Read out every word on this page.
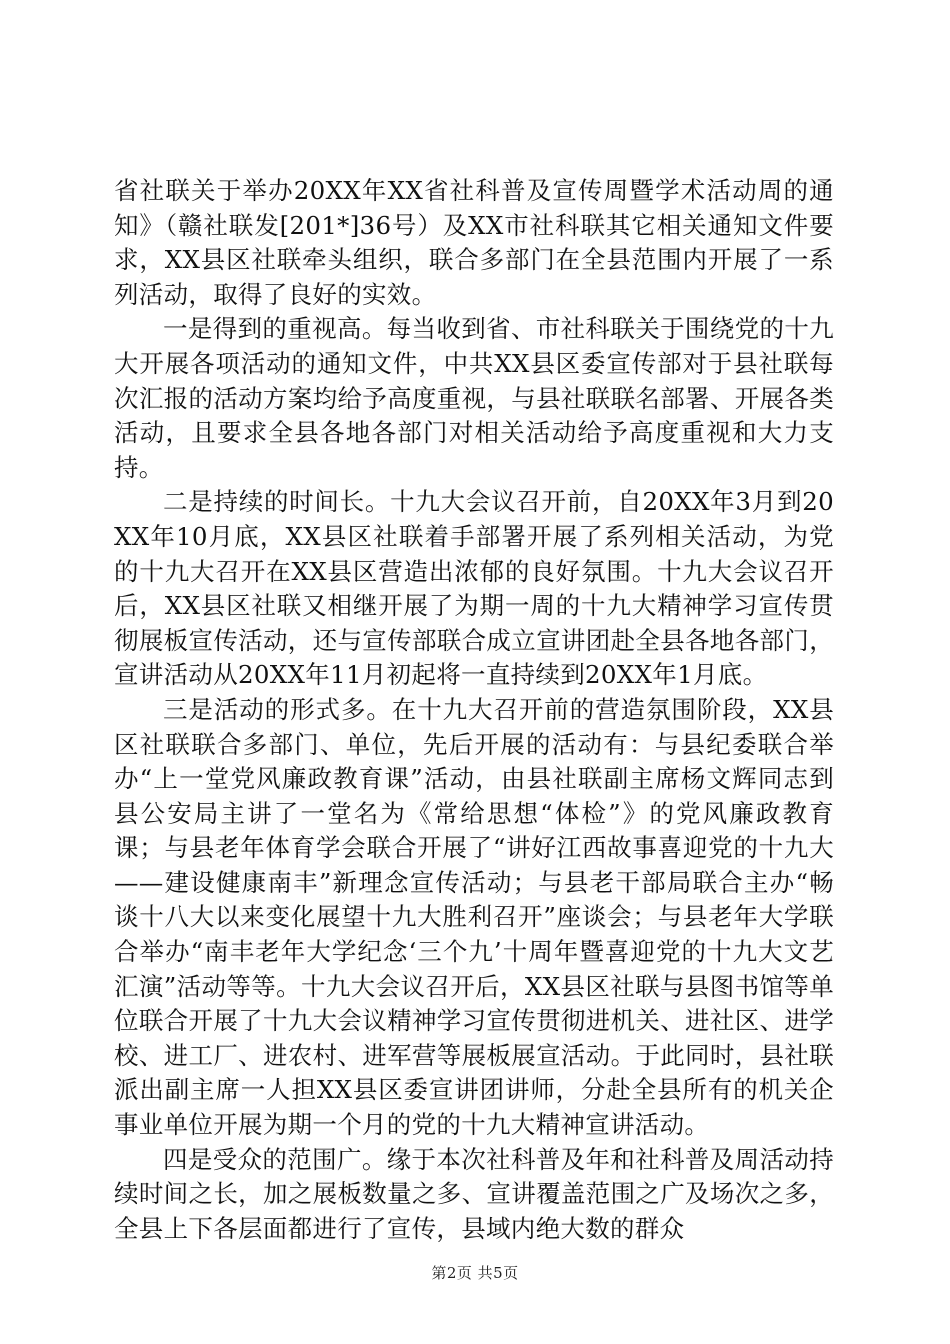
省社联关于举办20XX年XX省社科普及宣传周暨学术活动周的通知》（赣社联发[201*]36号）及XX市社科联其它相关通知文件要求，XX县区社联牵头组织，联合多部门在全县范围内开展了一系列活动，取得了良好的实效。

一是得到的重视高。每当收到省、市社科联关于围绕党的十九大开展各项活动的通知文件，中共XX县区委宣传部对于县社联每次汇报的活动方案均给予高度重视，与县社联联名部署、开展各类活动，且要求全县各地各部门对相关活动给予高度重视和大力支持。

二是持续的时间长。十九大会议召开前，自20XX年3月到20XX年10月底，XX县区社联着手部署开展了系列相关活动，为党的十九大召开在XX县区营造出浓郁的良好氛围。十九大会议召开后，XX县区社联又相继开展了为期一周的十九大精神学习宣传贯彻展板宣传活动，还与宣传部联合成立宣讲团赴全县各地各部门，宣讲活动从20XX年11月初起将一直持续到20XX年1月底。

三是活动的形式多。在十九大召开前的营造氛围阶段，XX县区社联联合多部门、单位，先后开展的活动有：与县纪委联合举办“上一堂党风廉政教育课”活动，由县社联副主席杨文辉同志到县公安局主讲了一堂名为《常给思想“体检”》的党风廉政教育课；与县老年体育学会联合开展了“讲好江西故事喜迎党的十九大——建设健康南丰”新理念宣传活动；与县老干部局联合主办“畅谈十八大以来变化展望十九大胜利召开”座谈会；与县老年大学联合举办“南丰老年大学纪念‘三个九’十周年暨喜迎党的十九大文艺汇演”活动等等。十九大会议召开后，XX县区社联与县图书馆等单位联合开展了十九大会议精神学习宣传贯彻进机关、进社区、进学校、进工厂、进农村、进军营等展板展宣活动。于此同时，县社联派出副主席一人担XX县区委宣讲团讲师，分赴全县所有的机关企事业单位开展为期一个月的党的十九大精神宣讲活动。

四是受众的范围广。缘于本次社科普及年和社科普及周活动持续时间之长，加之展板数量之多、宣讲覆盖范围之广及场次之多，全县上下各层面都进行了宣传，县域内绝大数的群众

第2页 共5页
